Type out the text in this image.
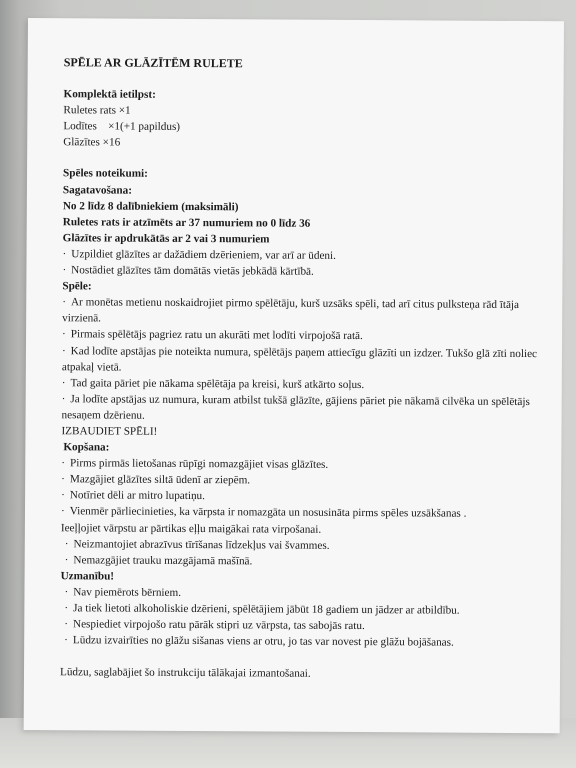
SPĒLE AR GLĀZĪTĒM RULETE
Komplektā ietilpst:
Ruletes rats ×1
Lodītes    ×1(+1 papildus)
Glāzītes ×16
Spēles noteikumi:
Sagatavošana:
No 2 līdz 8 dalībniekiem (maksimāli)
Ruletes rats ir atzīmēts ar 37 numuriem no 0 līdz 36
Glāzītes ir apdrukātās ar 2 vai 3 numuriem
· Uzpildiet glāzītes ar dažādiem dzērieniem, var arī ar ūdeni.
· Nostādiet glāzītes tām domātās vietās jebkādā kārtībā.
Spēle:
· Ar monētas metienu noskaidrojiet pirmo spēlētāju, kurš uzsāks spēli, tad arī citus pulksteņa rād ītāja virzienā.
· Pirmais spēlētājs pagriez ratu un akurāti met lodīti virpojošā ratā.
· Kad lodīte apstājas pie noteikta numura, spēlētājs paņem attiecīgu glāzīti un izdzer. Tukšo glā zīti noliec atpakaļ vietā.
· Tad gaita pāriet pie nākama spēlētāja pa kreisi, kurš atkārto soļus.
· Ja lodīte apstājas uz numura, kuram atbilst tukšā glāzīte, gājiens pāriet pie nākamā cilvēka un spēlētājs nesaņem dzērienu.
IZBAUDIET SPĒLI!
Kopšana:
· Pirms pirmās lietošanas rūpīgi nomazgājiet visas glāzītes.
· Mazgājiet glāzītes siltā ūdenī ar ziepēm.
· Notīriet dēli ar mitro lupatiņu.
· Vienmēr pārliecinieties, ka vārpsta ir nomazgāta un nosusināta pirms spēles uzsākšanas .
Ieeļļojiet vārpstu ar pārtikas eļļu maigākai rata virpošanai.
· Neizmantojiet abrazīvus tīrīšanas līdzekļus vai švammes.
· Nemazgājiet trauku mazgājamā mašīnā.
Uzmanību!
· Nav piemērots bērniem.
· Ja tiek lietoti alkoholiskie dzērieni, spēlētājiem jābūt 18 gadiem un jādzer ar atbildību.
· Nespiediet virpojošo ratu pārāk stipri uz vārpsta, tas sabojās ratu.
· Lūdzu izvairīties no glāžu sišanas viens ar otru, jo tas var novest pie glāžu bojāšanas.
Lūdzu, saglabājiet šo instrukciju tālākajai izmantošanai.
